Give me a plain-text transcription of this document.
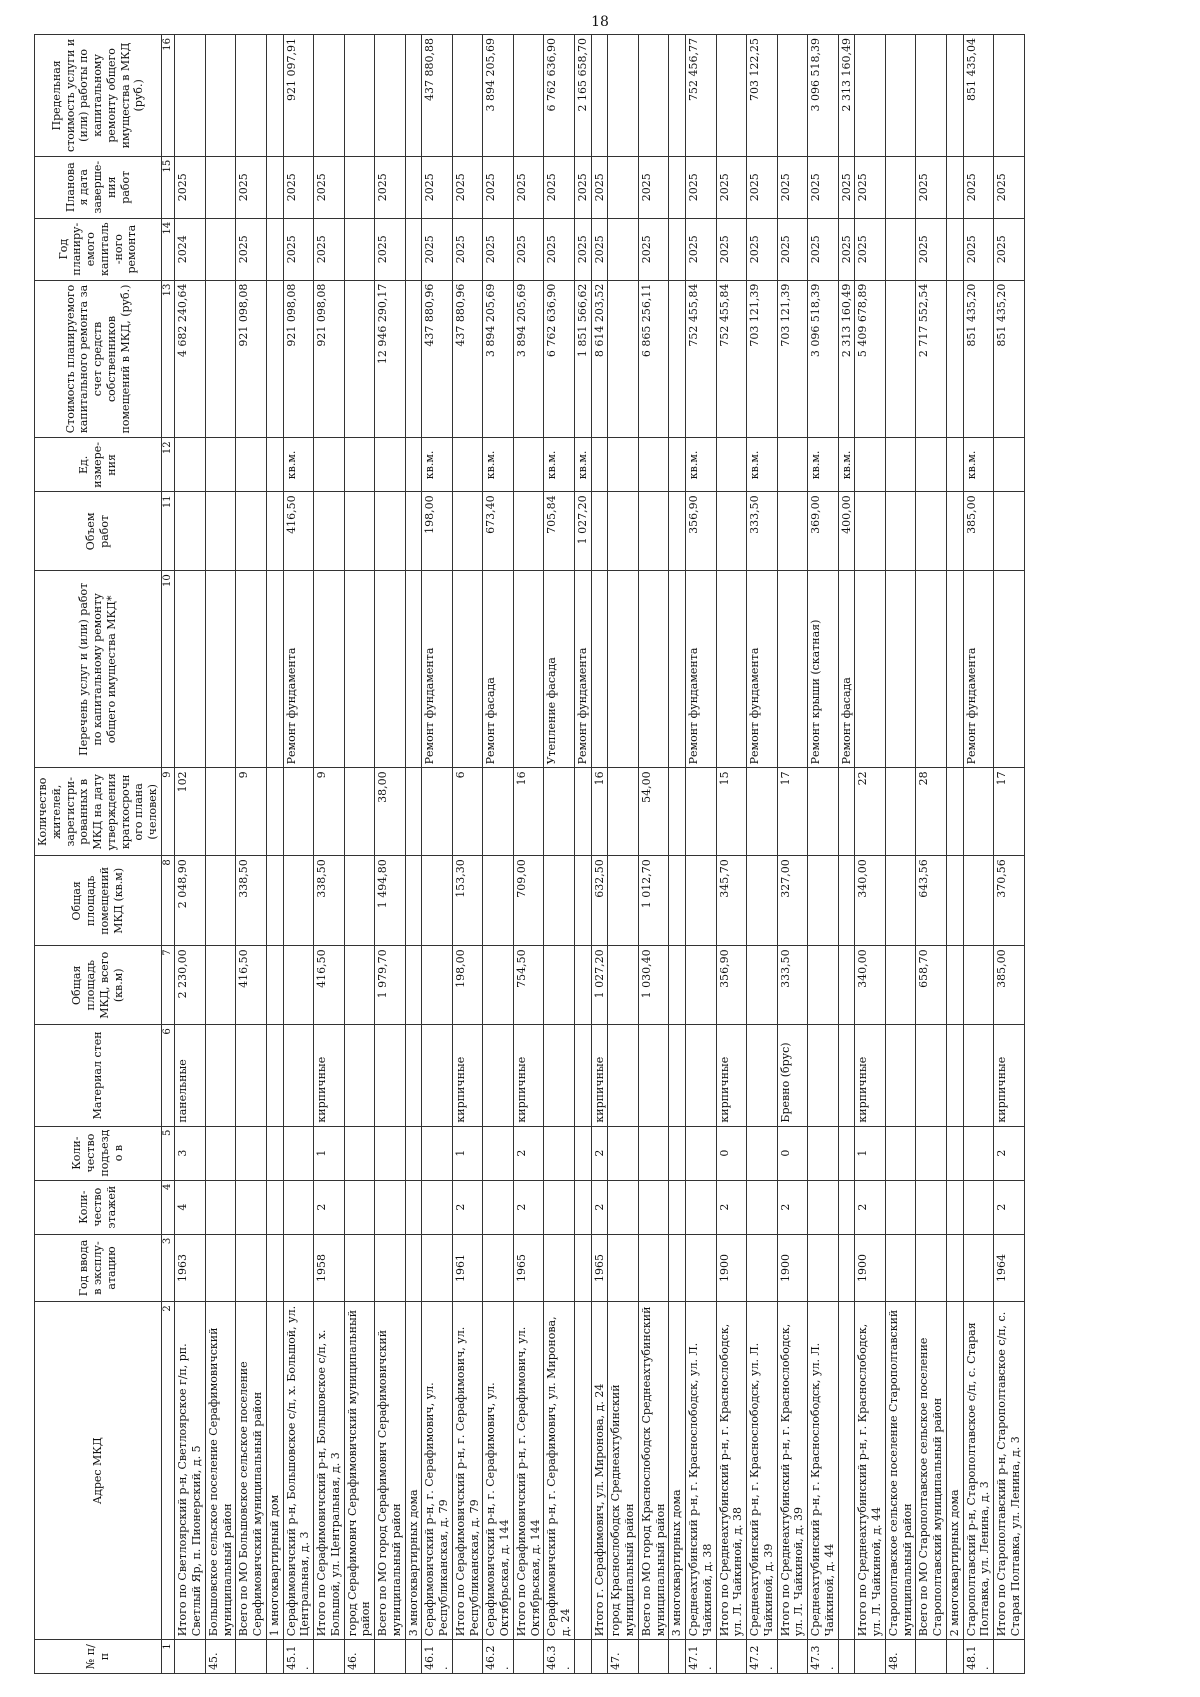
18
№ п/п	Адрес МКД	Год ввода в эксплу-атацию	Коли-чество этажей	Коли-чество подъездо в	Материал стен	Общая площадь МКД, всего (кв.м)	Общая площадь помещений МКД (кв.м)	Количество жителей, зарегистри-рованных в МКД на дату утверждения краткосрочного плана (человек)	Перечень услуг и (или) работ по капитальному ремонту общего имущества МКД*	Объем работ	Ед. измере-ния	Стоимость планируемого капитального ремонта за счет средств собственников помещений в МКД, (руб.)	Год планиру-емого капиталь-ного ремонта	Плановая дата заверше-ния работ	Предельная стоимость услуги и (или) работы по капитальному ремонту общего имущества в МКД (руб.)
1	2	3	4	5	6	7	8	9	10	11	12	13	14	15	16
	Итого по Светлоярский р-н, Светлоярское г/п, рп. Светлый Яр, п. Пионерский, д. 5	1963	4	3	панельные	2 230,00	2 048,90	102				4 682 240,64	2024	2025	
45.	Большовское сельское поселение Серафимовичский муниципальный район														
	Всего по МО Большовское сельское поселение Серафимовичский муниципальный район					416,50	338,50	9				921 098,08	2025	2025	
	1 многоквартирный дом														
45.1.	Серафимовичский р-н, Большовское с/п, х. Большой, ул. Центральная, д. 3								Ремонт фундамента	416,50	кв.м.	921 098,08	2025	2025	921 097,91
	Итого по Серафимовичский р-н, Большовское с/п, х. Большой, ул. Центральная, д. 3	1958	2	1	кирпичные	416,50	338,50	9				921 098,08	2025	2025	
46.	город Серафимович Серафимовичский муниципальный район														
	Всего по МО город Серафимович Серафимовичский муниципальный район					1 979,70	1 494,80	38,00				12 946 290,17	2025	2025	
	3 многоквартирных дома														
46.1.	Серафимовичский р-н, г. Серафимович, ул. Республиканская, д. 79								Ремонт фундамента	198,00	кв.м.	437 880,96	2025	2025	437 880,88
	Итого по Серафимовичский р-н, г. Серафимович, ул. Республиканская, д. 79	1961	2	1	кирпичные	198,00	153,30	6				437 880,96	2025	2025	
46.2.	Серафимовичский р-н, г. Серафимович, ул. Октябрьская, д. 144								Ремонт фасада	673,40	кв.м.	3 894 205,69	2025	2025	3 894 205,69
	Итого по Серафимовичский р-н, г. Серафимович, ул. Октябрьская, д. 144	1965	2	2	кирпичные	754,50	709,00	16				3 894 205,69	2025	2025	
46.3.	Серафимовичский р-н, г. Серафимович, ул. Миронова, д. 24								Утепление фасада	705,84	кв.м.	6 762 636,90	2025	2025	6 762 636,90
									Ремонт фундамента	1 027,20	кв.м.	1 851 566,62	2025	2025	2 165 658,70
	Итого г. Серафимович, ул. Миронова, д. 24	1965	2	2	кирпичные	1 027,20	632,50	16				8 614 203,52	2025	2025	
47.	город Краснослободск Среднеахтубинский муниципальный район														
	Всего по МО город Краснослободск Среднеахтубинский муниципальный район					1 030,40	1 012,70	54,00				6 865 256,11	2025	2025	
	3 многоквартирных дома														
47.1.	Среднеахтубинский р-н, г. Краснослободск, ул. Л. Чайкиной, д. 38								Ремонт фундамента	356,90	кв.м.	752 455,84	2025	2025	752 456,77
	Итого по Среднеахтубинский р-н, г. Краснослободск, ул. Л. Чайкиной, д. 38	1900	2	0	кирпичные	356,90	345,70	15				752 455,84	2025	2025	
47.2.	Среднеахтубинский р-н, г. Краснослободск, ул. Л. Чайкиной, д. 39								Ремонт фундамента	333,50	кв.м.	703 121,39	2025	2025	703 122,25
	Итого по Среднеахтубинский р-н, г. Краснослободск, ул. Л. Чайкиной, д. 39	1900	2	0	Бревно (брус)	333,50	327,00	17				703 121,39	2025	2025	
47.3.	Среднеахтубинский р-н, г. Краснослободск, ул. Л. Чайкиной, д. 44								Ремонт крыши (скатная)	369,00	кв.м.	3 096 518,39	2025	2025	3 096 518,39
									Ремонт фасада	400,00	кв.м.	2 313 160,49	2025	2025	2 313 160,49
	Итого по Среднеахтубинский р-н, г. Краснослободск, ул. Л. Чайкиной, д. 44	1900	2	1	кирпичные	340,00	340,00	22				5 409 678,89	2025	2025	
48.	Старополтавское сельское поселение Старополтавский муниципальный район														
	Всего по МО Старополтавское сельское поселение Старополтавский муниципальный район					658,70	643,56	28				2 717 552,54	2025	2025	
	2 многоквартирных дома														
48.1.	Старополтавский р-н, Старополтавское с/п, с. Старая Полтавка, ул. Ленина, д. 3								Ремонт фундамента	385,00	кв.м.	851 435,20	2025	2025	851 435,04
	Итого по Старополтавский р-н, Старополтавское с/п, с. Старая Полтавка, ул. Ленина, д. 3	1964	2	2	кирпичные	385,00	370,56	17				851 435,20	2025	2025	
